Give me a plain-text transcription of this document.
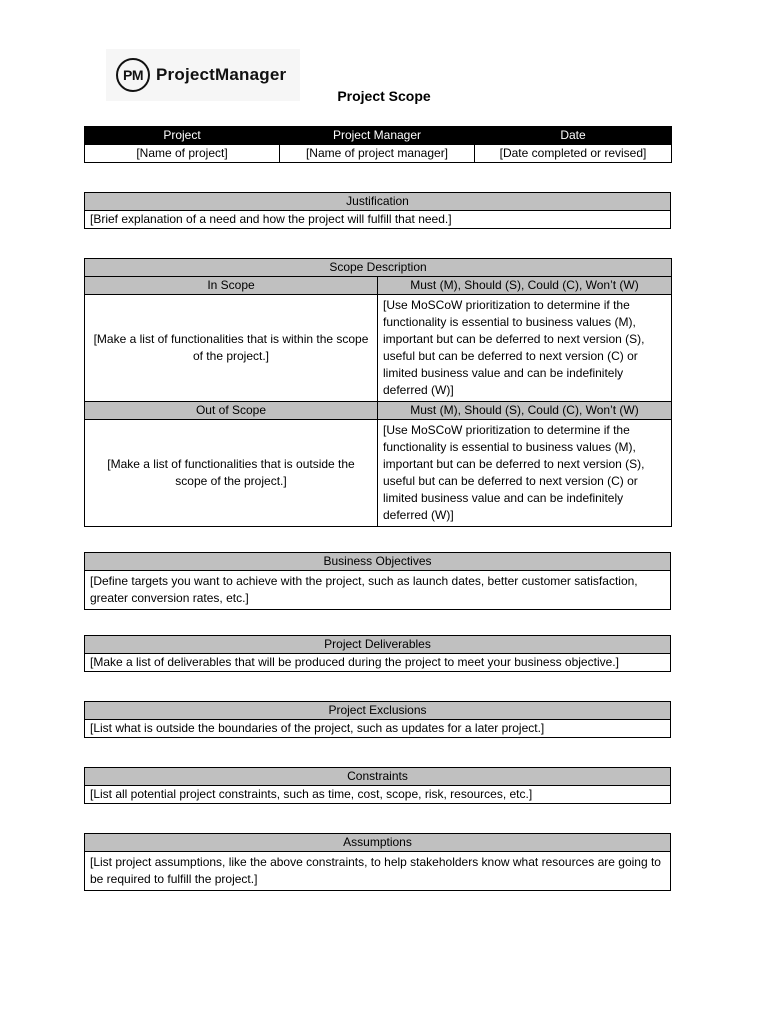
PM ProjectManager
Project Scope
Project	Project Manager	Date
[Name of project]	[Name of project manager]	[Date completed or revised]
Justification
[Brief explanation of a need and how the project will fulfill that need.]
Scope Description	
In Scope	Must (M), Should (S), Could (C), Won’t (W)
[Make a list of functionalities that is within the scope of the project.]	[Use MoSCoW prioritization to determine if the functionality is essential to business values (M), important but can be deferred to next version (S), useful but can be deferred to next version (C) or limited business value and can be indefinitely deferred (W)]
Out of Scope	Must (M), Should (S), Could (C), Won’t (W)
[Make a list of functionalities that is outside the scope of the project.]	[Use MoSCoW prioritization to determine if the functionality is essential to business values (M), important but can be deferred to next version (S), useful but can be deferred to next version (C) or limited business value and can be indefinitely deferred (W)]
Business Objectives
[Define targets you want to achieve with the project, such as launch dates, better customer satisfaction, greater conversion rates, etc.]
Project Deliverables
[Make a list of deliverables that will be produced during the project to meet your business objective.]
Project Exclusions
[List what is outside the boundaries of the project, such as updates for a later project.]
Constraints
[List all potential project constraints, such as time, cost, scope, risk, resources, etc.]
Assumptions
[List project assumptions, like the above constraints, to help stakeholders know what resources are going to be required to fulfill the project.]
